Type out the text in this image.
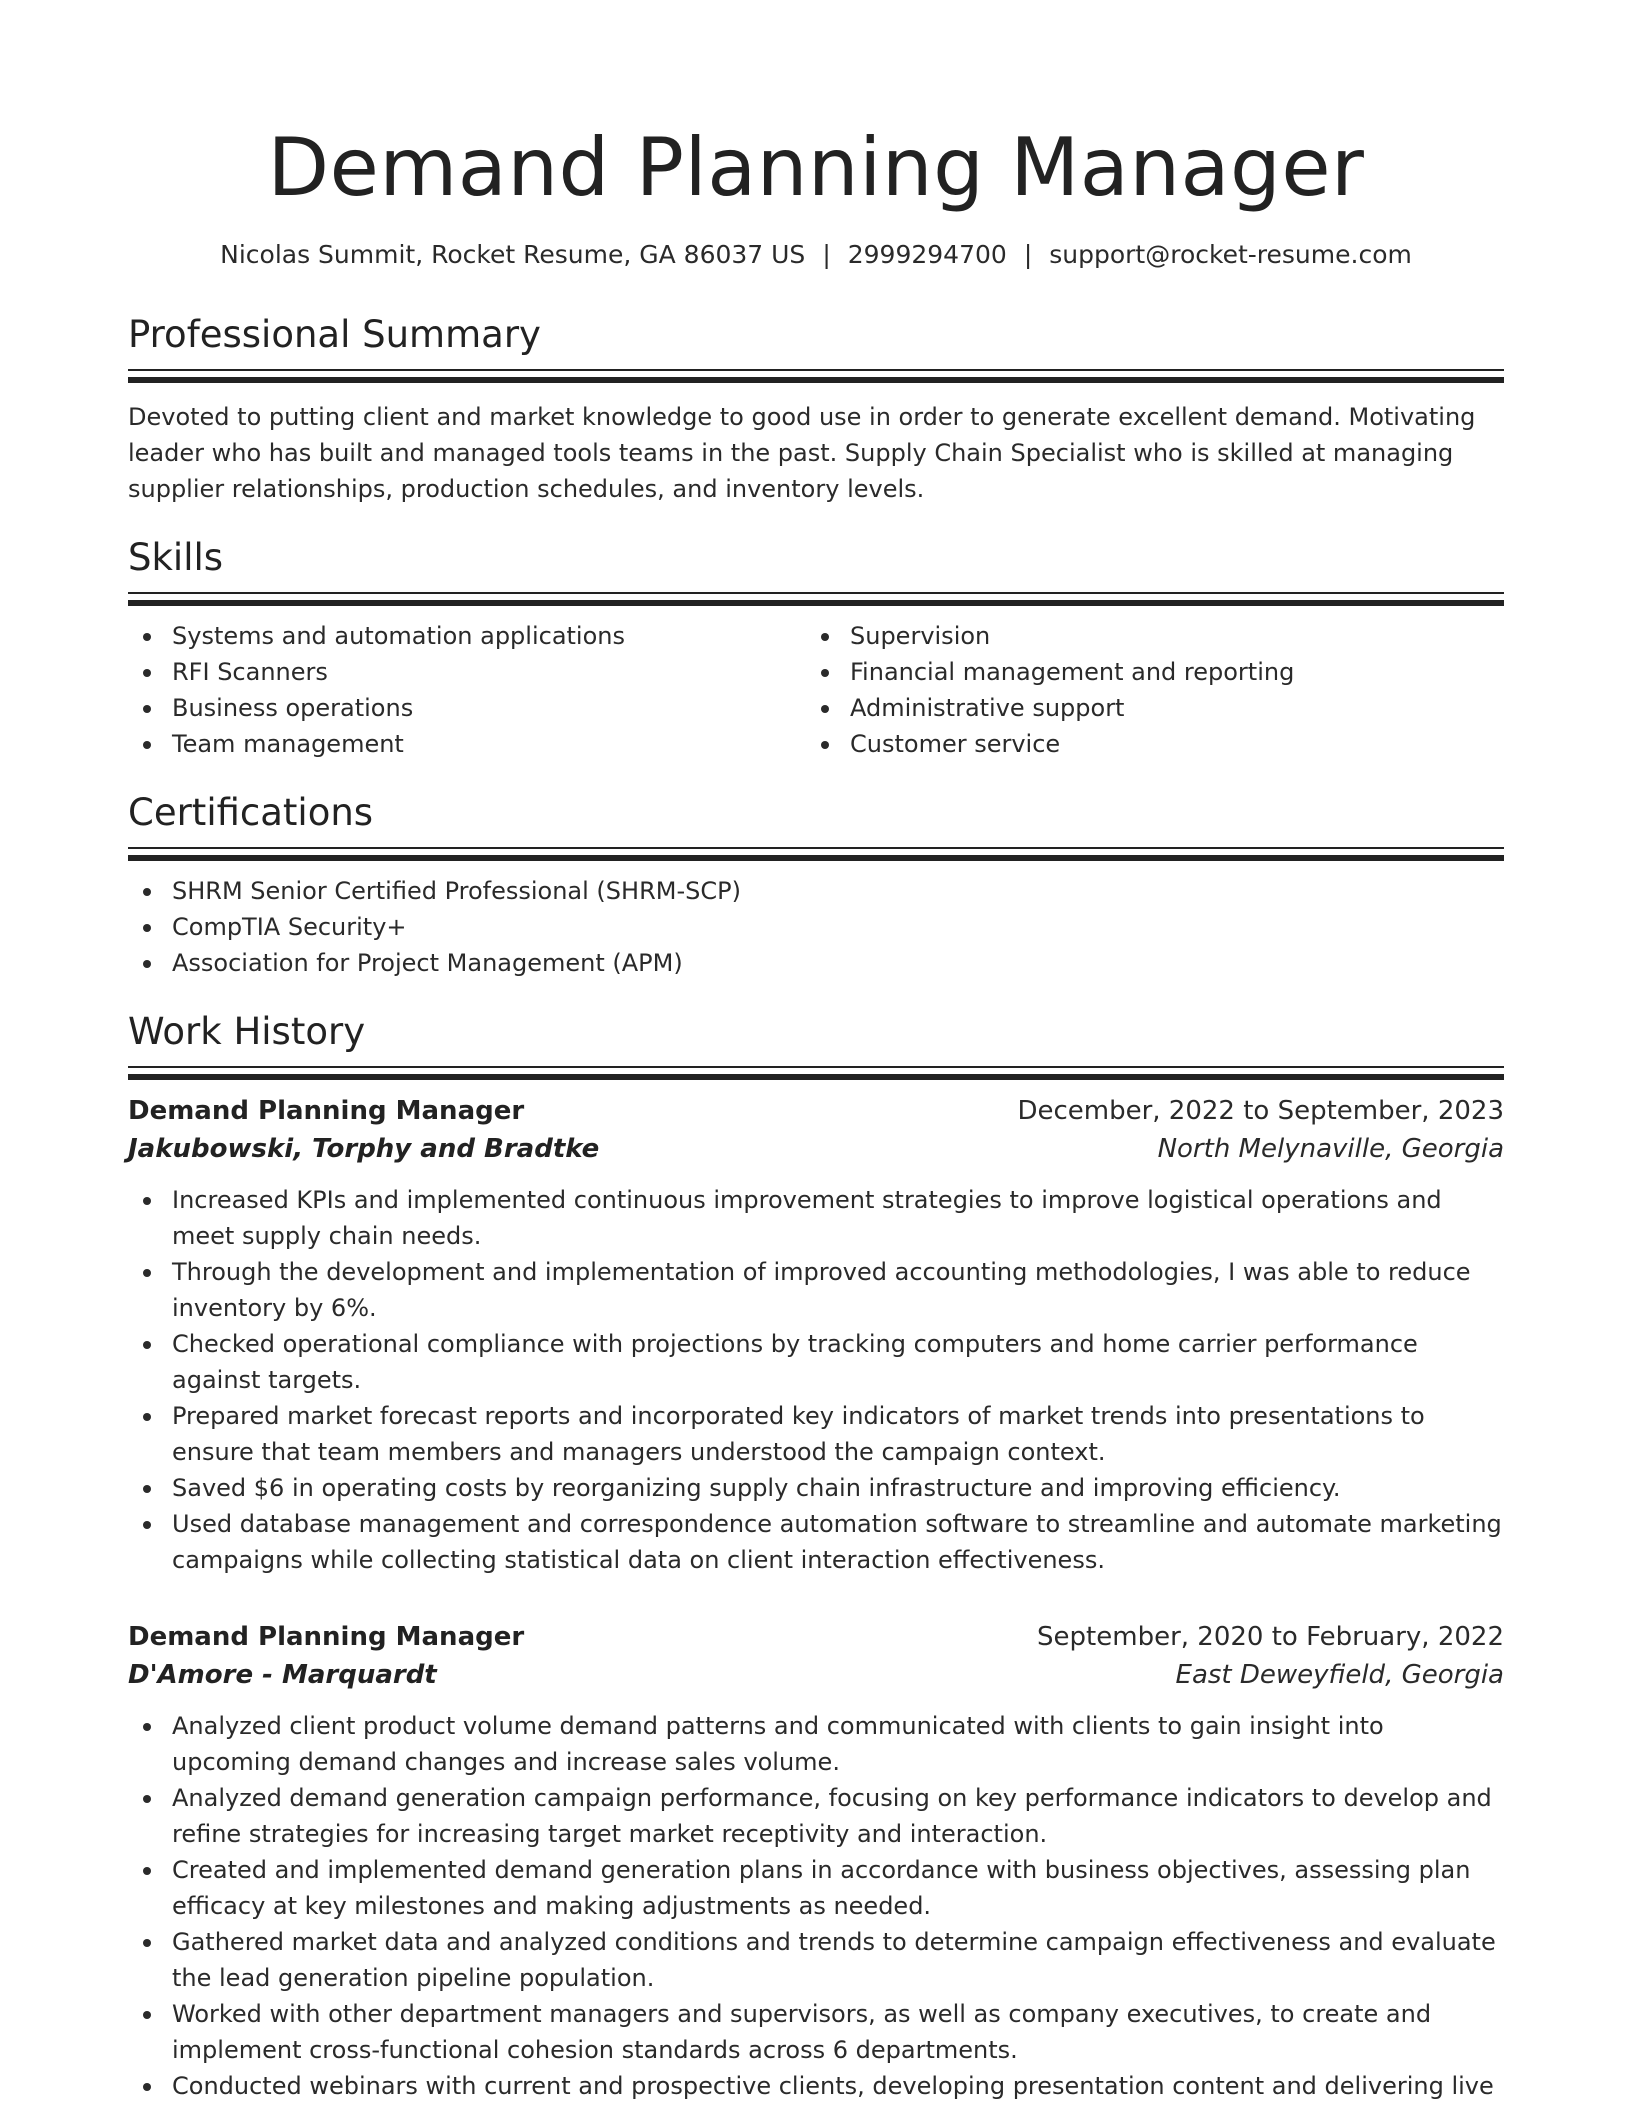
Demand Planning Manager
Nicolas Summit, Rocket Resume, GA 86037 US | 2999294700 | support@rocket-resume.com
Professional Summary

Devoted to putting client and market knowledge to good use in order to generate excellent demand. Motivating leader who has built and managed tools teams in the past. Supply Chain Specialist who is skilled at managing supplier relationships, production schedules, and inventory levels.

Skills
Systems and automation applications
RFI Scanners
Business operations
Team management
Supervision
Financial management and reporting
Administrative support
Customer service
Certifications
SHRM Senior Certified Professional (SHRM-SCP)
CompTIA Security+
Association for Project Management (APM)
Work History
Demand Planning Manager	December, 2022 to September, 2023
Jakubowski, Torphy and Bradtke	North Melynaville, Georgia
Increased KPIs and implemented continuous improvement strategies to improve logistical operations and meet supply chain needs.
Through the development and implementation of improved accounting methodologies, I was able to reduce inventory by 6%.
Checked operational compliance with projections by tracking computers and home carrier performance against targets.
Prepared market forecast reports and incorporated key indicators of market trends into presentations to ensure that team members and managers understood the campaign context.
Saved $6 in operating costs by reorganizing supply chain infrastructure and improving efficiency.
Used database management and correspondence automation software to streamline and automate marketing campaigns while collecting statistical data on client interaction effectiveness.
Demand Planning Manager	September, 2020 to February, 2022
D'Amore - Marquardt	East Deweyfield, Georgia
Analyzed client product volume demand patterns and communicated with clients to gain insight into upcoming demand changes and increase sales volume.
Analyzed demand generation campaign performance, focusing on key performance indicators to develop and refine strategies for increasing target market receptivity and interaction.
Created and implemented demand generation plans in accordance with business objectives, assessing plan efficacy at key milestones and making adjustments as needed.
Gathered market data and analyzed conditions and trends to determine campaign effectiveness and evaluate the lead generation pipeline population.
Worked with other department managers and supervisors, as well as company executives, to create and implement cross-functional cohesion standards across 6 departments.
Conducted webinars with current and prospective clients, developing presentation content and delivering live
